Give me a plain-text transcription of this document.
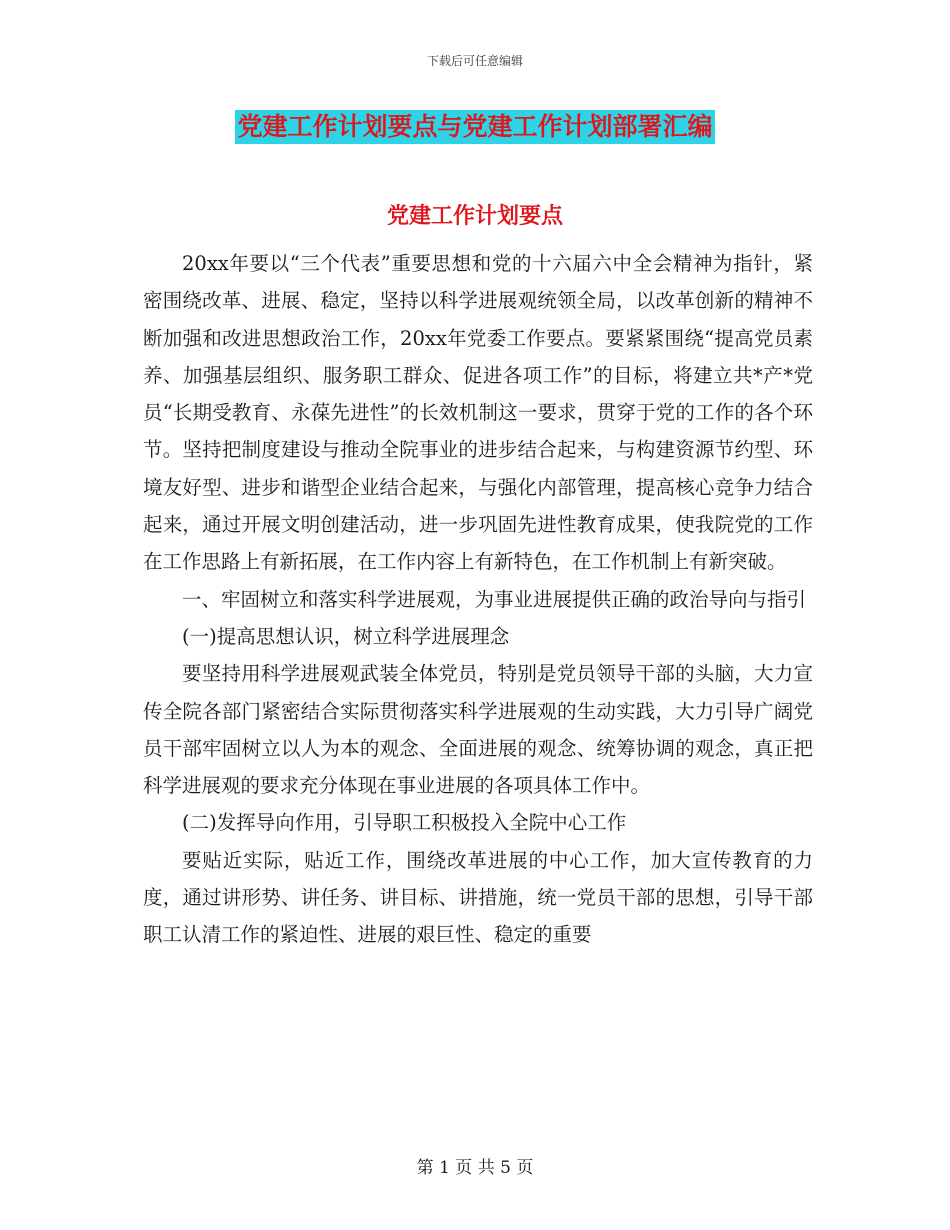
下载后可任意编辑
党建工作计划要点与党建工作计划部署汇编
党建工作计划要点

20xx年要以“三个代表”重要思想和党的十六届六中全会精神为指针，紧密围绕改革、进展、稳定，坚持以科学进展观统领全局，以改革创新的精神不断加强和改进思想政治工作，20xx年党委工作要点。要紧紧围绕“提高党员素养、加强基层组织、服务职工群众、促进各项工作”的目标，将建立共*产*党员“长期受教育、永葆先进性”的长效机制这一要求，贯穿于党的工作的各个环节。坚持把制度建设与推动全院事业的进步结合起来，与构建资源节约型、环境友好型、进步和谐型企业结合起来，与强化内部管理，提高核心竞争力结合起来，通过开展文明创建活动，进一步巩固先进性教育成果，使我院党的工作在工作思路上有新拓展，在工作内容上有新特色，在工作机制上有新突破。

一、牢固树立和落实科学进展观，为事业进展提供正确的政治导向与指引

(一)提高思想认识，树立科学进展理念

要坚持用科学进展观武装全体党员，特别是党员领导干部的头脑，大力宣传全院各部门紧密结合实际贯彻落实科学进展观的生动实践，大力引导广阔党员干部牢固树立以人为本的观念、全面进展的观念、统筹协调的观念，真正把科学进展观的要求充分体现在事业进展的各项具体工作中。

(二)发挥导向作用，引导职工积极投入全院中心工作

要贴近实际，贴近工作，围绕改革进展的中心工作，加大宣传教育的力度，通过讲形势、讲任务、讲目标、讲措施，统一党员干部的思想，引导干部职工认清工作的紧迫性、进展的艰巨性、稳定的重要

第 1 页 共 5 页
